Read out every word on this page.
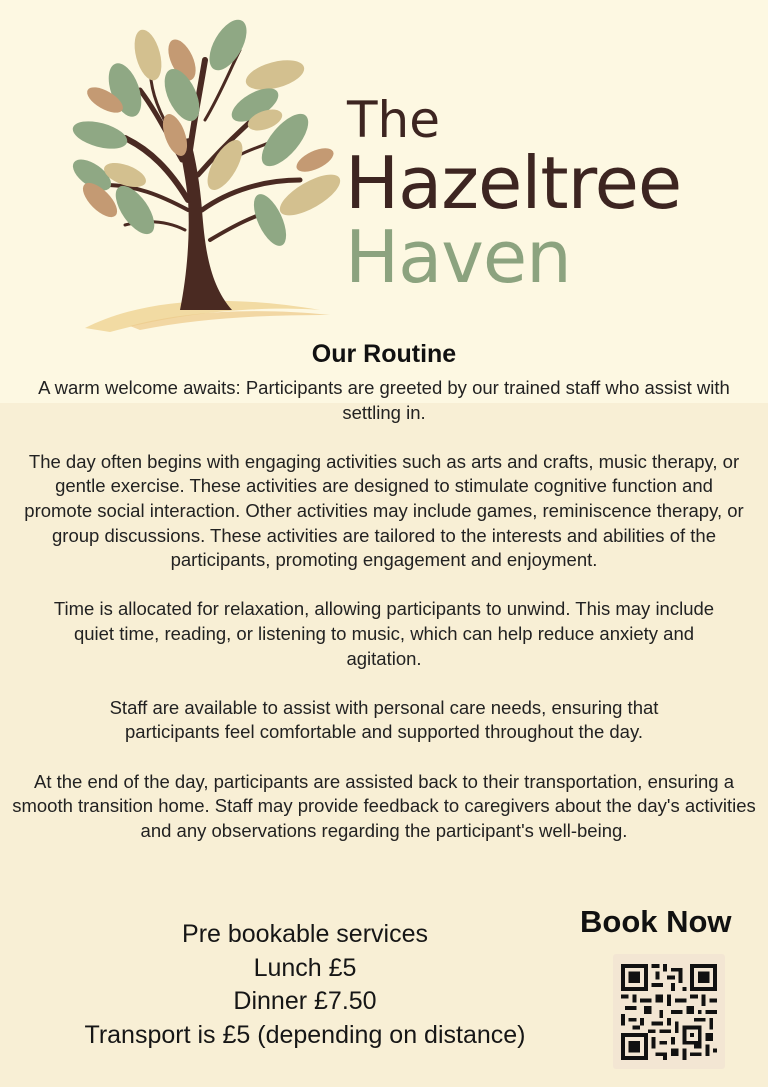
The
Hazeltree
Haven
Our Routine

A warm welcome awaits: Participants are greeted by our trained staff who assist with settling in.

The day often begins with engaging activities such as arts and crafts, music therapy, or gentle exercise. These activities are designed to stimulate cognitive function and promote social interaction. Other activities may include games, reminiscence therapy, or group discussions. These activities are tailored to the interests and abilities of the participants, promoting engagement and enjoyment.

Time is allocated for relaxation, allowing participants to unwind. This may include quiet time, reading, or listening to music, which can help reduce anxiety and agitation.

Staff are available to assist with personal care needs, ensuring that participants feel comfortable and supported throughout the day.

At the end of the day, participants are assisted back to their transportation, ensuring a smooth transition home. Staff may provide feedback to caregivers about the day's activities and any observations regarding the participant's well-being.

Pre bookable services
Lunch £5
Dinner £7.50
Transport is £5 (depending on distance)
Book Now
